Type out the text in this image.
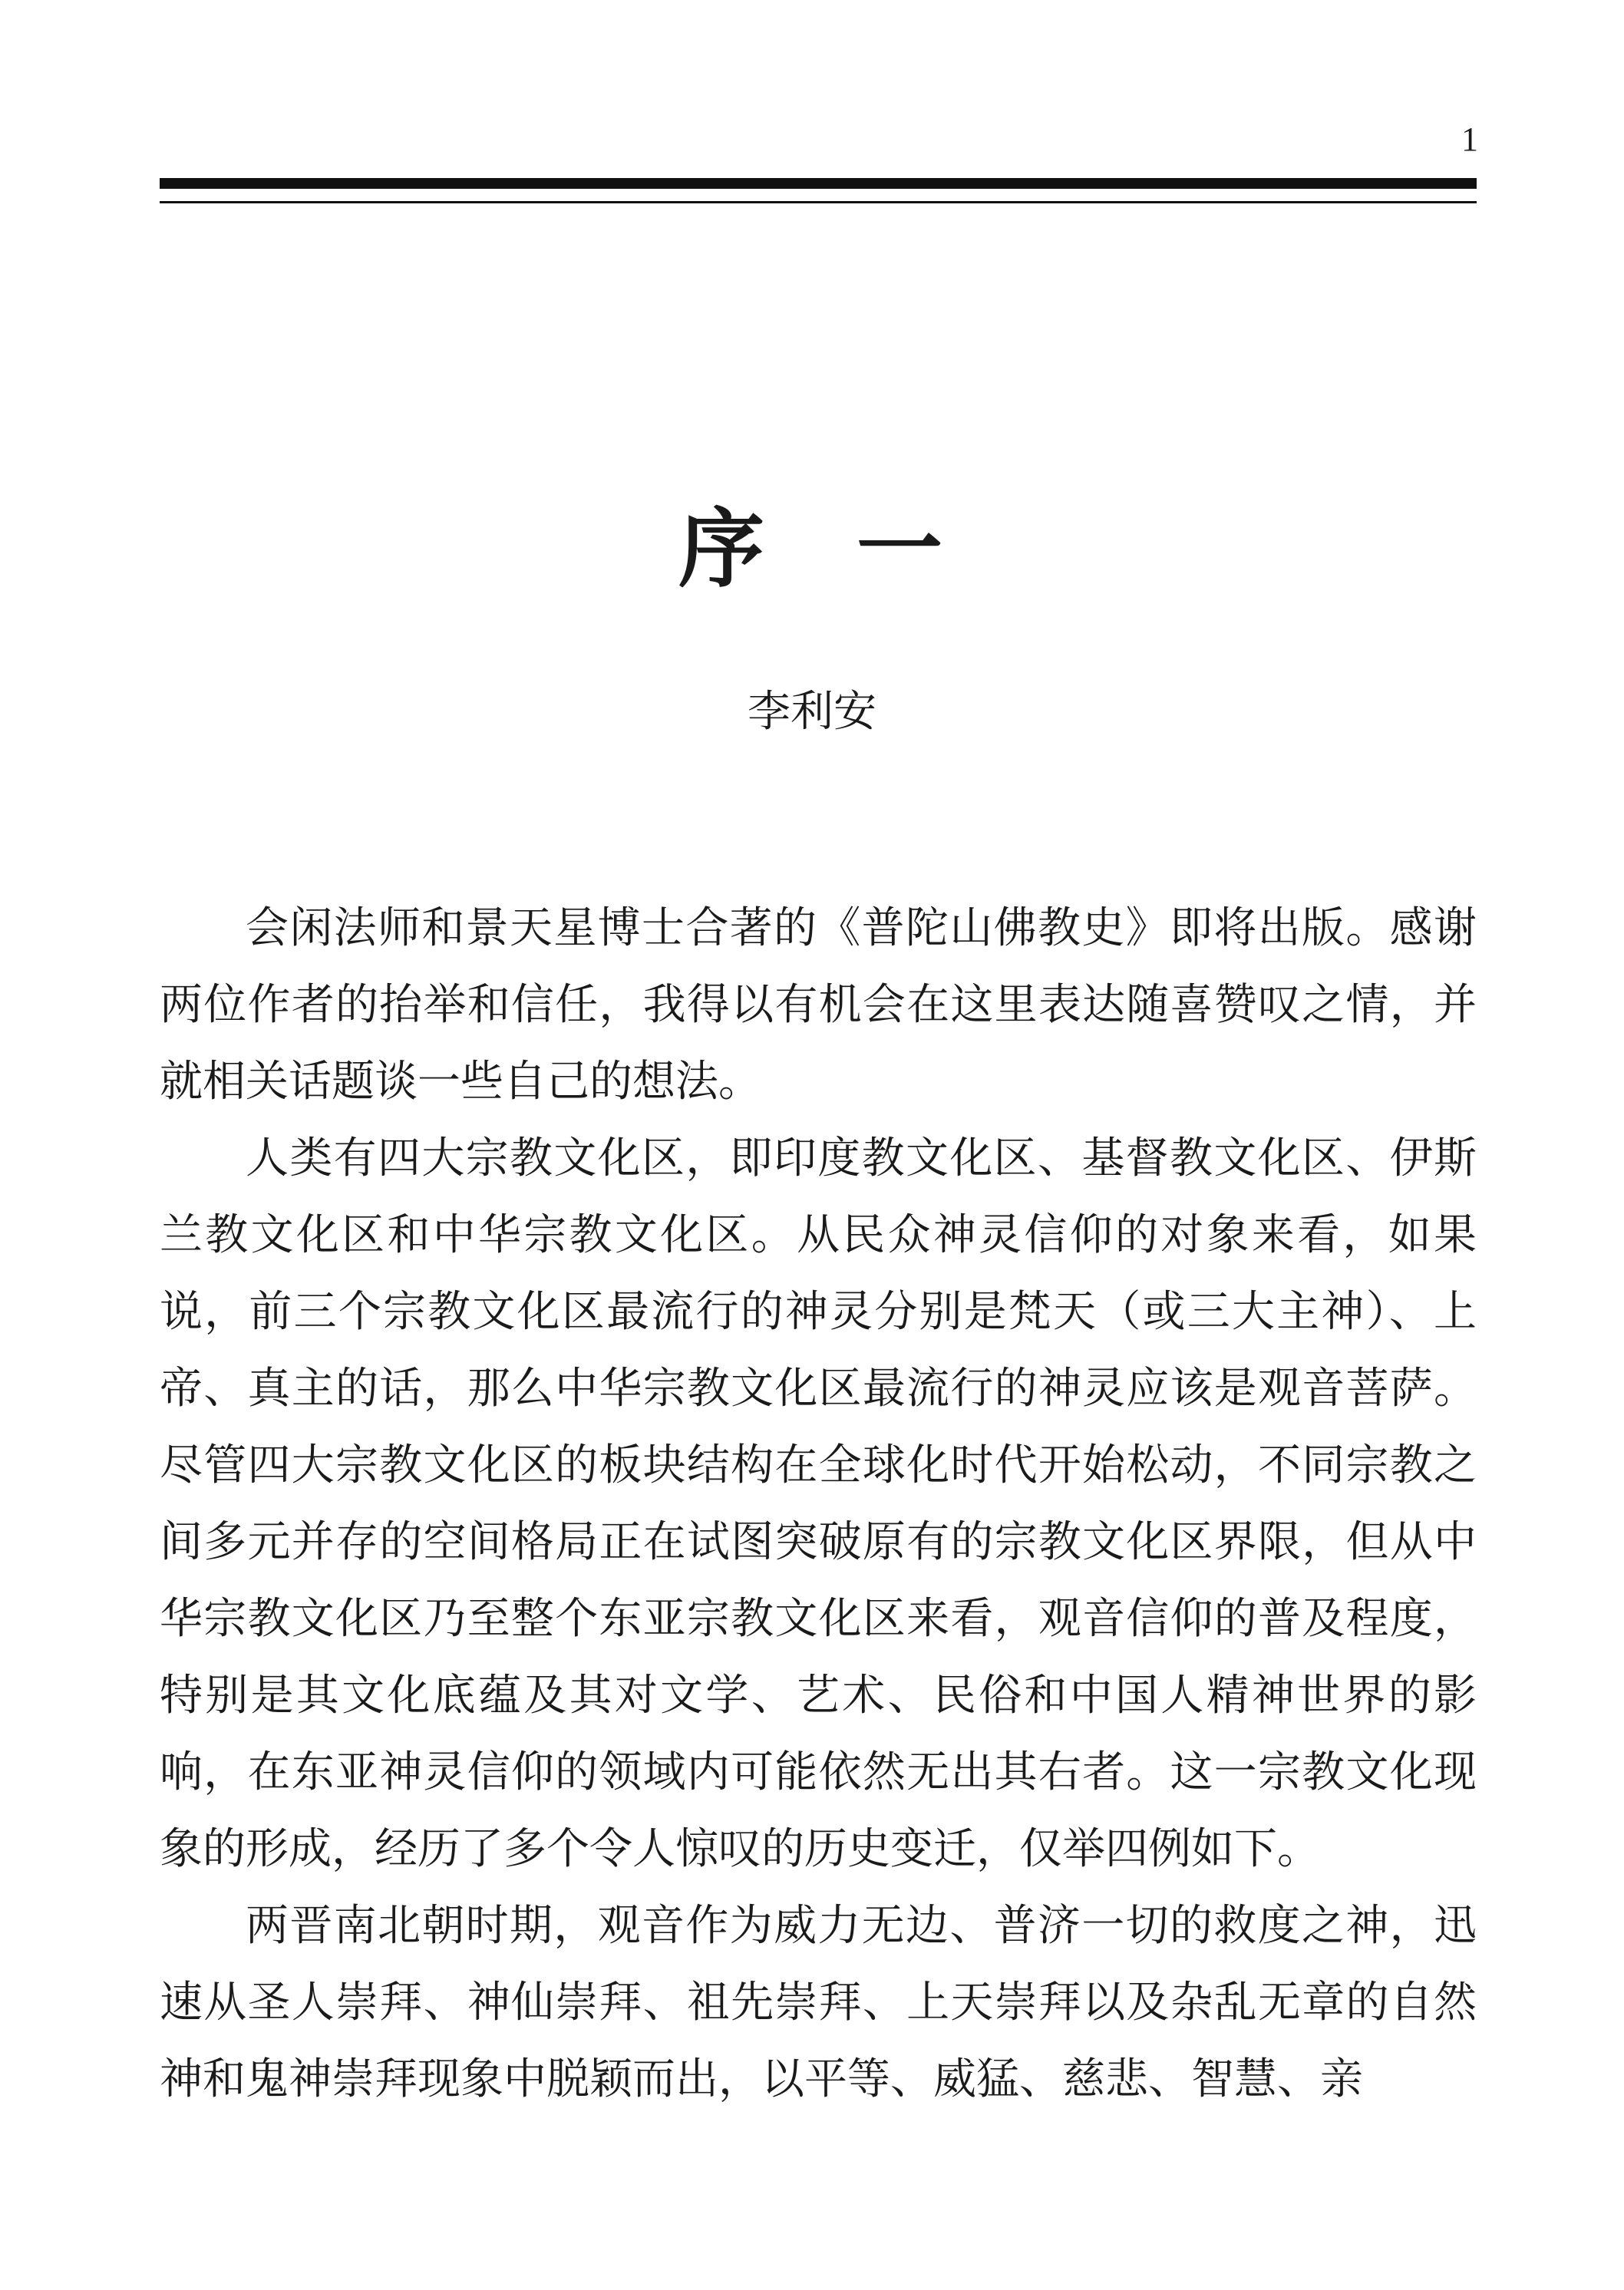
1
序　一
李利安

会闲法师和景天星博士合著的《普陀山佛教史》即将出版。感谢两位作者的抬举和信任，我得以有机会在这里表达随喜赞叹之情，并就相关话题谈一些自己的想法。

人类有四大宗教文化区，即印度教文化区、基督教文化区、伊斯兰教文化区和中华宗教文化区。从民众神灵信仰的对象来看，如果说，前三个宗教文化区最流行的神灵分别是梵天（或三大主神）、上帝、真主的话，那么中华宗教文化区最流行的神灵应该是观音菩萨。尽管四大宗教文化区的板块结构在全球化时代开始松动，不同宗教之间多元并存的空间格局正在试图突破原有的宗教文化区界限，但从中华宗教文化区乃至整个东亚宗教文化区来看，观音信仰的普及程度，特别是其文化底蕴及其对文学、艺术、民俗和中国人精神世界的影响，在东亚神灵信仰的领域内可能依然无出其右者。这一宗教文化现象的形成，经历了多个令人惊叹的历史变迁，仅举四例如下。

两晋南北朝时期，观音作为威力无边、普济一切的救度之神，迅速从圣人崇拜、神仙崇拜、祖先崇拜、上天崇拜以及杂乱无章的自然神和鬼神崇拜现象中脱颖而出，以平等、威猛、慈悲、智慧、亲
